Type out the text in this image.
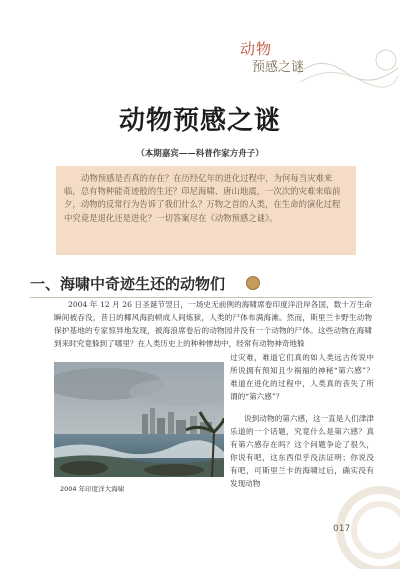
动物
预感之谜
动物预感之谜
（本期嘉宾——科普作家方舟子）
动物预感是否真的存在？在历经亿年的进化过程中，为何每当灾难来临，总有物种能奇迹般的生还？印尼海啸、唐山地震，一次次的灾难来临前夕，动物的反常行为告诉了我们什么？万物之首的人类，在生命的演化过程中究竟是退化还是进化？一切答案尽在《动物预感之谜》。
一、海啸中奇迹生还的动物们
2004 年 12 月 26 日圣诞节翌日，一场史无前例的海啸席卷印度洋沿岸各国，数十万生命瞬间被吞没，昔日的椰风海韵顿成人间炼狱，人类的尸体布满海滩。然而，斯里兰卡野生动物保护基地的专家惊异地发现，被海浪席卷后的动物园并没有一个动物的尸体。这些动物在海啸到来时究竟躲到了哪里？在人类历史上的种种惨劫中，经常有动物神奇地躲
过灾难，难道它们真的如人类远古传说中所说拥有预知且少祸福的神秘“第六感”？难道在进化的过程中，人类真的丧失了所谓的“第六感”？
2004 年印度洋大海啸
说到动物的第六感，这一直是人们津津乐道的一个话题，究竟什么是第六感？真有第六感存在吗？这个问题争论了很久，你说有吧，这东西似乎没法证明；你说没有吧，可斯里兰卡的海啸过后，确实没有发现动物
017
